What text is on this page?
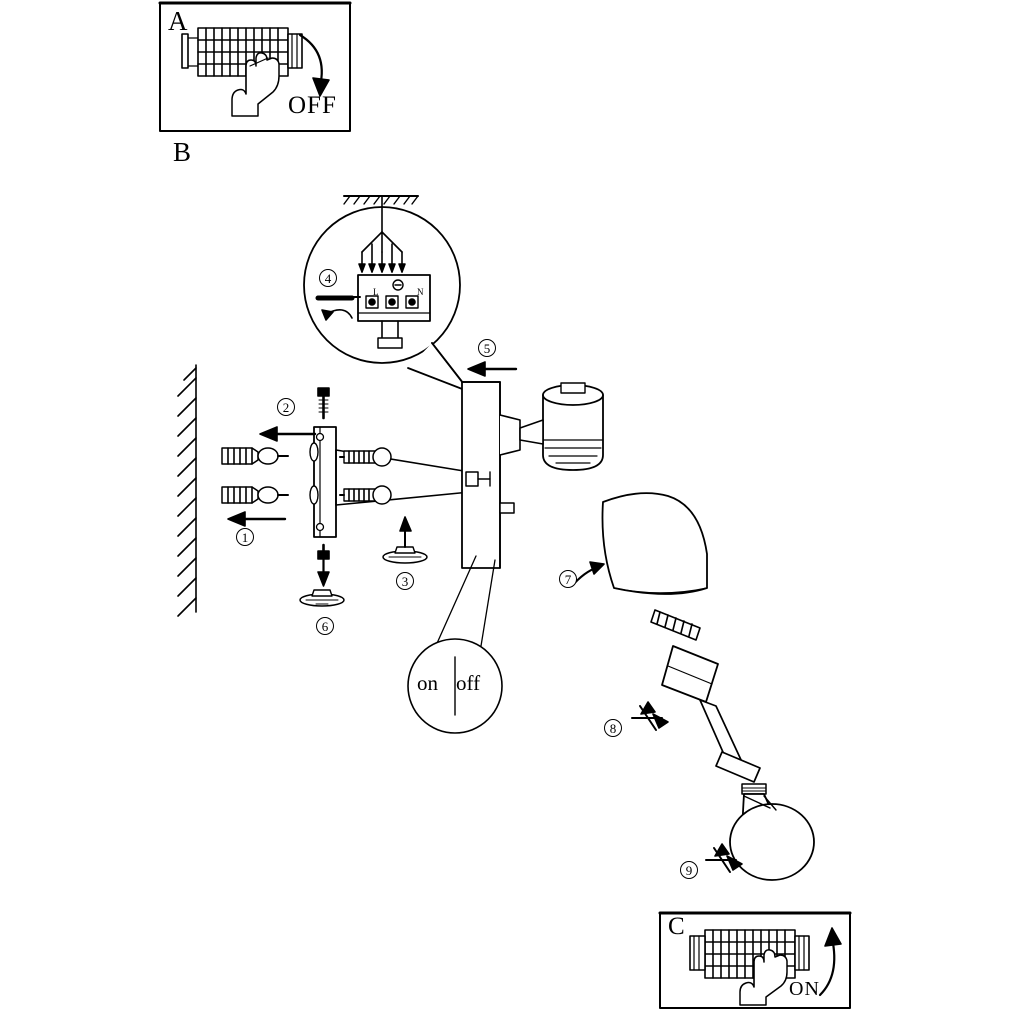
A
B
C
OFF
ON
on off
L	N
1
2
3
4
5
6
7
8
9
